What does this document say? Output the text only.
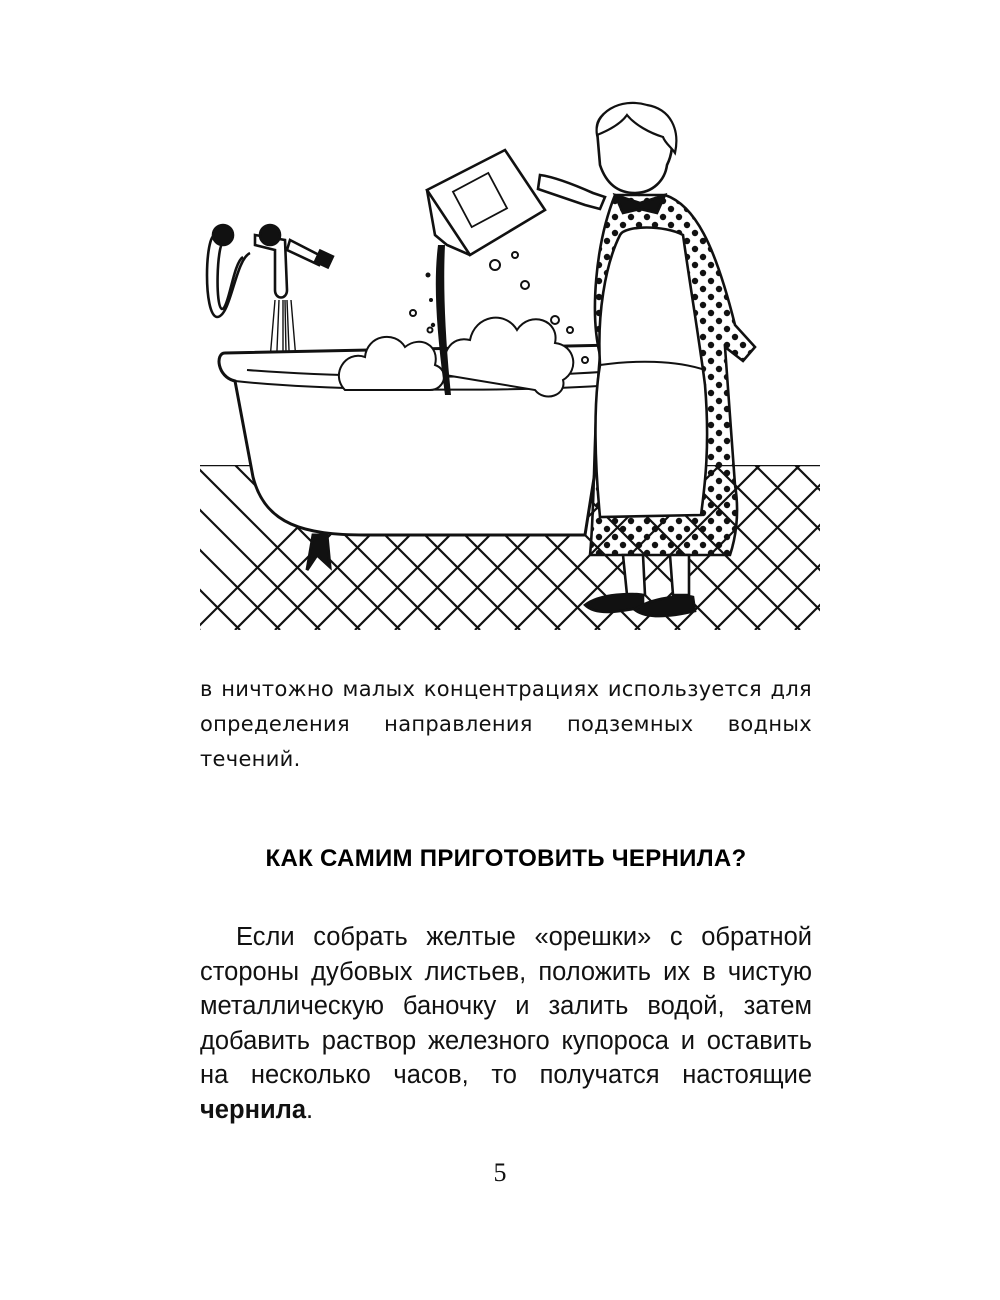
в ничтожно малых концентрациях используется для определения направления подземных водных течений.

КАК САМИМ ПРИГОТОВИТЬ ЧЕРНИЛА?

Если собрать желтые «орешки» с обратной стороны дубовых листьев, положить их в чистую металлическую баночку и залить водой, затем добавить раствор железного купороса и оставить на несколько часов, то получатся настоящие чернила.

5
